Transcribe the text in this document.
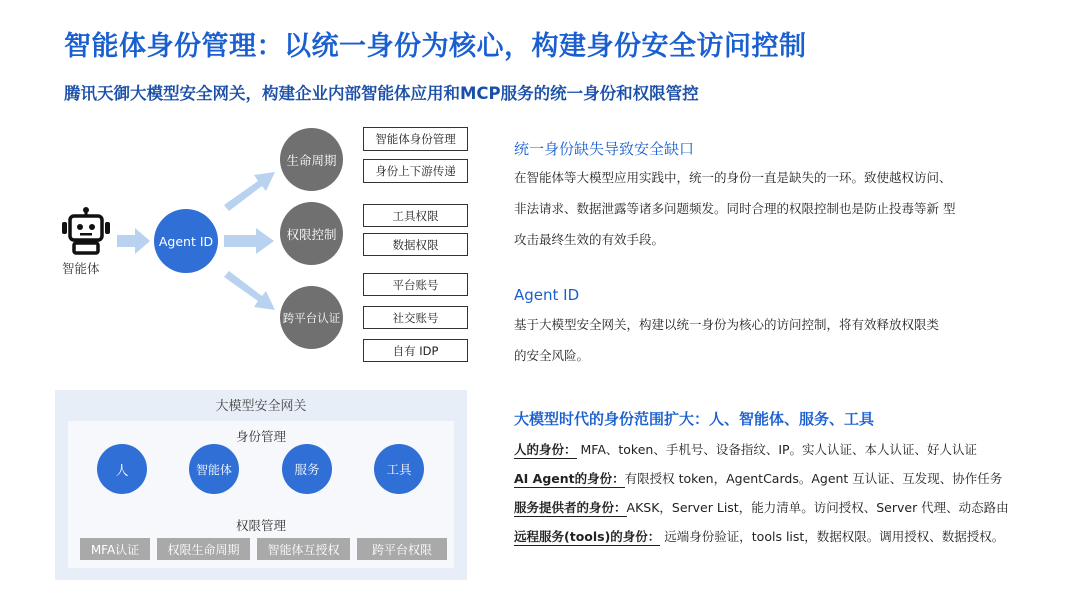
智能体身份管理：以统一身份为核心，构建身份安全访问控制
腾讯天御大模型安全网关，构建企业内部智能体应用和MCP服务的统一身份和权限管控
智能体
Agent ID
生命周期
权限控制
跨平台认证
智能体身份管理
身份上下游传递
工具权限
数据权限
平台账号
社交账号
自有 IDP
大模型安全网关
身份管理
人	智能体	服务	工具
权限管理
MFA认证	权限生命周期	智能体互授权	跨平台权限
统一身份缺失导致安全缺口
在智能体等大模型应用实践中，统一的身份一直是缺失的一环。致使越权访问、
非法请求、数据泄露等诸多问题频发。同时合理的权限控制也是防止投毒等新 型
攻击最终生效的有效手段。
Agent ID
基于大模型安全网关，构建以统一身份为核心的访问控制，将有效释放权限类
的安全风险。
大模型时代的身份范围扩大：人、智能体、服务、工具
人的身份： MFA、token、手机号、设备指纹、IP。实人认证、本人认证、好人认证
AI Agent的身份：有限授权 token，AgentCards。Agent 互认证、互发现、协作任务
服务提供者的身份：AKSK，Server List，能力清单。访问授权、Server 代理、动态路由
远程服务(tools)的身份： 远端身份验证，tools list，数据权限。调用授权、数据授权。
